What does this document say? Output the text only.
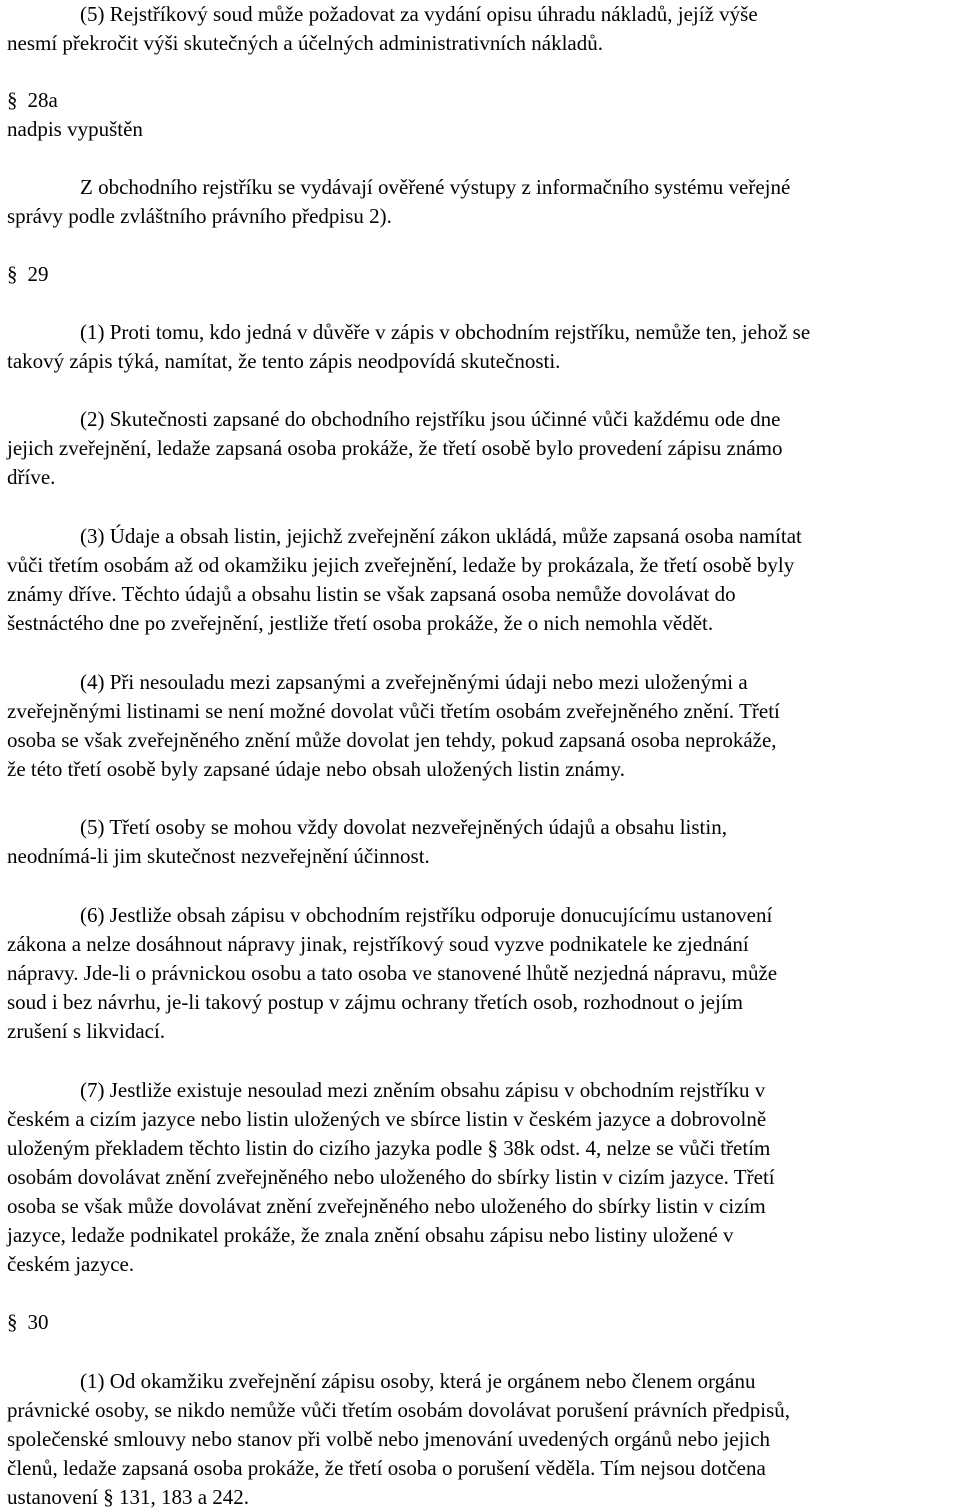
(5) Rejstříkový soud může požadovat za vydání opisu úhradu nákladů, jejíž výše
nesmí překročit výši skutečných a účelných administrativních nákladů.
§ 28a
nadpis vypuštěn
Z obchodního rejstříku se vydávají ověřené výstupy z informačního systému veřejné
správy podle zvláštního právního předpisu 2).
§ 29
(1) Proti tomu, kdo jedná v důvěře v zápis v obchodním rejstříku, nemůže ten, jehož se
takový zápis týká, namítat, že tento zápis neodpovídá skutečnosti.
(2) Skutečnosti zapsané do obchodního rejstříku jsou účinné vůči každému ode dne
jejich zveřejnění, ledaže zapsaná osoba prokáže, že třetí osobě bylo provedení zápisu známo
dříve.
(3) Údaje a obsah listin, jejichž zveřejnění zákon ukládá, může zapsaná osoba namítat
vůči třetím osobám až od okamžiku jejich zveřejnění, ledaže by prokázala, že třetí osobě byly
známy dříve. Těchto údajů a obsahu listin se však zapsaná osoba nemůže dovolávat do
šestnáctého dne po zveřejnění, jestliže třetí osoba prokáže, že o nich nemohla vědět.
(4) Při nesouladu mezi zapsanými a zveřejněnými údaji nebo mezi uloženými a
zveřejněnými listinami se není možné dovolat vůči třetím osobám zveřejněného znění. Třetí
osoba se však zveřejněného znění může dovolat jen tehdy, pokud zapsaná osoba neprokáže,
že této třetí osobě byly zapsané údaje nebo obsah uložených listin známy.
(5) Třetí osoby se mohou vždy dovolat nezveřejněných údajů a obsahu listin,
neodnímá-li jim skutečnost nezveřejnění účinnost.
(6) Jestliže obsah zápisu v obchodním rejstříku odporuje donucujícímu ustanovení
zákona a nelze dosáhnout nápravy jinak, rejstříkový soud vyzve podnikatele ke zjednání
nápravy. Jde-li o právnickou osobu a tato osoba ve stanovené lhůtě nezjedná nápravu, může
soud i bez návrhu, je-li takový postup v zájmu ochrany třetích osob, rozhodnout o jejím
zrušení s likvidací.
(7) Jestliže existuje nesoulad mezi zněním obsahu zápisu v obchodním rejstříku v
českém a cizím jazyce nebo listin uložených ve sbírce listin v českém jazyce a dobrovolně
uloženým překladem těchto listin do cizího jazyka podle § 38k odst. 4, nelze se vůči třetím
osobám dovolávat znění zveřejněného nebo uloženého do sbírky listin v cizím jazyce. Třetí
osoba se však může dovolávat znění zveřejněného nebo uloženého do sbírky listin v cizím
jazyce, ledaže podnikatel prokáže, že znala znění obsahu zápisu nebo listiny uložené v
českém jazyce.
§ 30
(1) Od okamžiku zveřejnění zápisu osoby, která je orgánem nebo členem orgánu
právnické osoby, se nikdo nemůže vůči třetím osobám dovolávat porušení právních předpisů,
společenské smlouvy nebo stanov při volbě nebo jmenování uvedených orgánů nebo jejich
členů, ledaže zapsaná osoba prokáže, že třetí osoba o porušení věděla. Tím nejsou dotčena
ustanovení § 131, 183 a 242.
